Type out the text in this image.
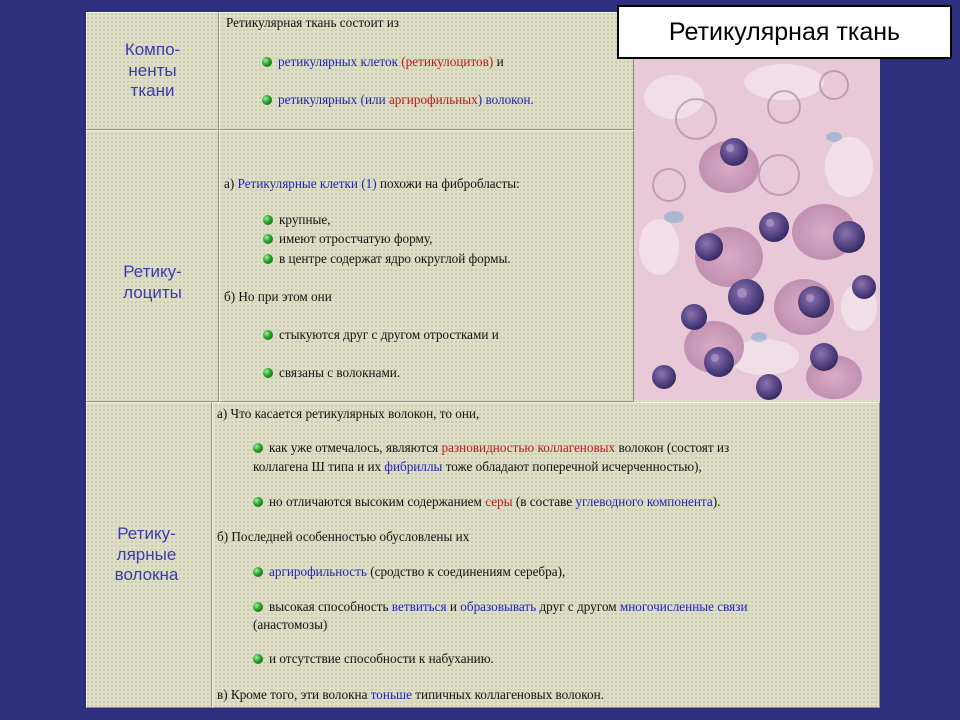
Компо-
ненты
ткани
Ретику-
лоциты
Ретику-
лярные
волокна
Ретикулярная ткань состоит из
ретикулярных клеток (ретикулоцитов) и
ретикулярных (или аргирофильных) волокон.
а) Ретикулярные клетки (1) похожи на фибробласты:
крупные,
имеют отростчатую форму,
в центре содержат ядро округлой формы.
б) Но при этом они
стыкуются друг с другом отростками и
связаны с волокнами.
а) Что касается ретикулярных волокон, то они,
как уже отмечалось, являются разновидностью коллагеновых волокон (состоят из
коллагена Ш типа и их фибриллы тоже обладают поперечной исчерченностью),
но отличаются высоким содержанием серы (в составе углеводного компонента).
б) Последней особенностью обусловлены их
аргирофильность (сродство к соединениям серебра),
высокая способность ветвиться и образовывать друг с другом многочисленные связи
(анастомозы)
и отсутствие способности к набуханию.
в) Кроме того, эти волокна тоньше типичных коллагеновых волокон.
Ретикулярная ткань
